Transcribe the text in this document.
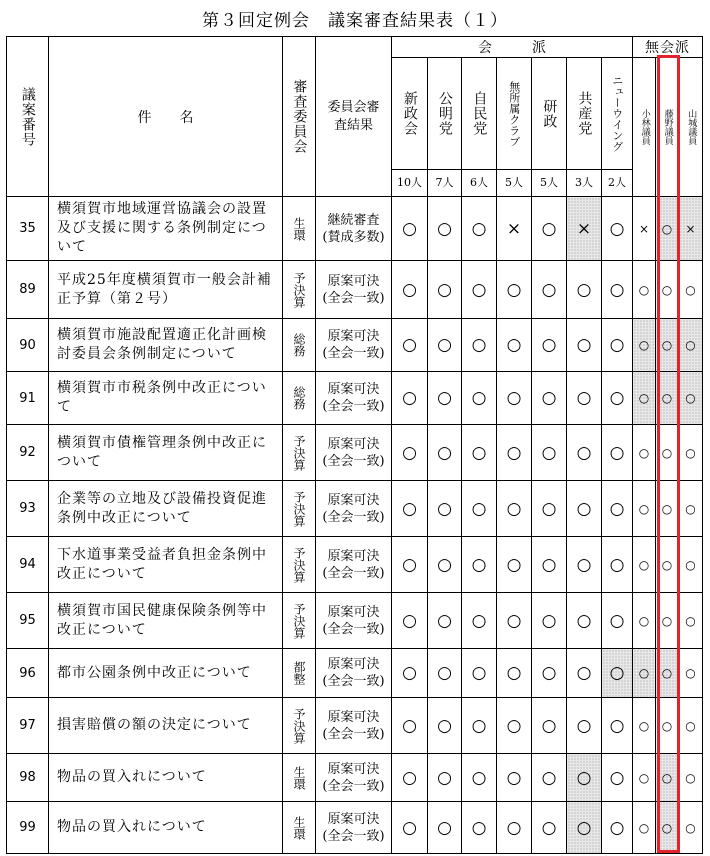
第３回定例会　議案審査結果表（１）
議案番号	件　　名	審査委員会	委員会審査結果	会派							無会派		

				新政会	公明党	自民党	無所属クラブ	研政	共産党	ニューウイング	小林議員	藤野議員	山城議員

				10人	7人	6人	5人	5人	3人	2人			
35	横須賀市地域運営協議会の設置及び支援に関する条例制定について	生環	継続審査
(賛成多数)	○	○	○	×	○	×	○	×	○	×
89	平成25年度横須賀市一般会計補正予算（第２号）	予決算	原案可決
(全会一致)	○	○	○	○	○	○	○	○	○	○
90	横須賀市施設配置適正化計画検討委員会条例制定について	総務	原案可決
(全会一致)	○	○	○	○	○	○	○	○	○	○
91	横須賀市市税条例中改正について	総務	原案可決
(全会一致)	○	○	○	○	○	○	○	○	○	○
92	横須賀市債権管理条例中改正について	予決算	原案可決
(全会一致)	○	○	○	○	○	○	○	○	○	○
93	企業等の立地及び設備投資促進条例中改正について	予決算	原案可決
(全会一致)	○	○	○	○	○	○	○	○	○	○
94	下水道事業受益者負担金条例中改正について	予決算	原案可決
(全会一致)	○	○	○	○	○	○	○	○	○	○
95	横須賀市国民健康保険条例等中改正について	予決算	原案可決
(全会一致)	○	○	○	○	○	○	○	○	○	○
96	都市公園条例中改正について	都整	原案可決
(全会一致)	○	○	○	○	○	○	○	○	○	○
97	損害賠償の額の決定について	予決算	原案可決
(全会一致)	○	○	○	○	○	○	○	○	○	○
98	物品の買入れについて	生環	原案可決
(全会一致)	○	○	○	○	○	○	○	○	○	○
99	物品の買入れについて	生環	原案可決
(全会一致)	○	○	○	○	○	○	○	○	○	○
